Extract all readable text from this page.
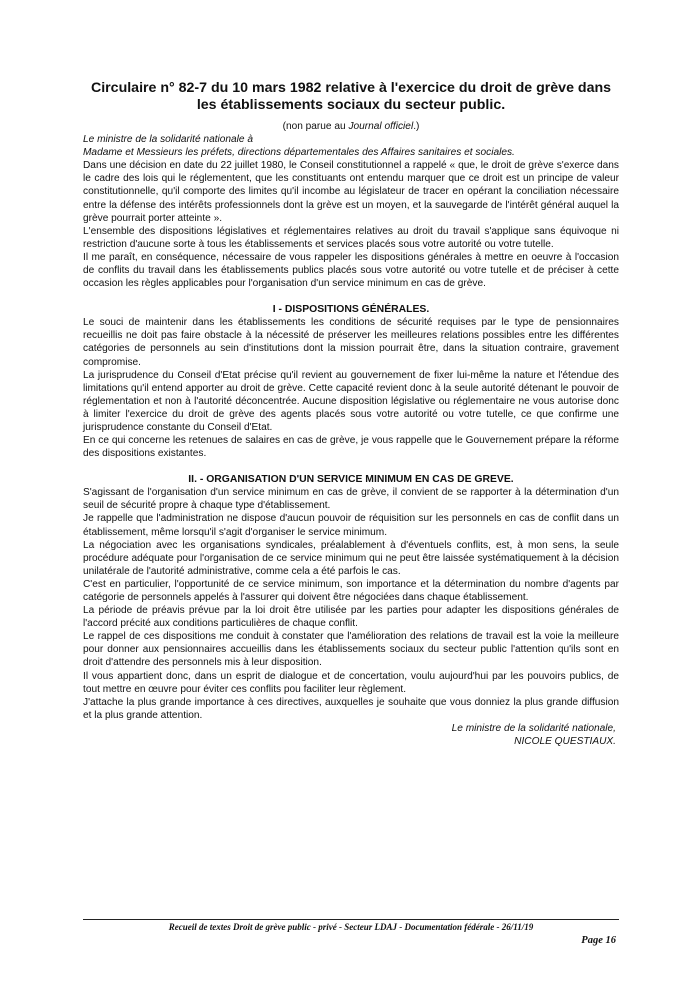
Circulaire n° 82-7 du 10 mars 1982 relative à l'exercice du droit de grève dans
les établissements sociaux du secteur public.
(non parue au Journal officiel.)

Le ministre de la solidarité nationale à

Madame et Messieurs les préfets, directions départementales des Affaires sanitaires et sociales.

Dans une décision en date du 22 juillet 1980, le Conseil constitutionnel a rappelé « que, le droit de grève s'exerce dans le cadre des lois qui le réglementent, que les constituants ont entendu marquer que ce droit est un principe de valeur constitutionnelle, qu'il comporte des limites qu'il incombe au législateur de tracer en opérant la conciliation nécessaire entre la défense des intérêts professionnels dont la grève est un moyen, et la sauvegarde de l'intérêt général auquel la grève pourrait porter atteinte ».

L'ensemble des dispositions législatives et réglementaires relatives au droit du travail s'applique sans équivoque ni restriction d'aucune sorte à tous les établissements et services placés sous votre autorité ou votre tutelle.

Il me paraît, en conséquence, nécessaire de vous rappeler les dispositions générales à mettre en oeuvre à l'occasion de conflits du travail dans les établissements publics placés sous votre autorité ou votre tutelle et de préciser à cette occasion les règles applicables pour l'organisation d'un service minimum en cas de grève.

I - DISPOSITIONS GÉNÉRALES.

Le souci de maintenir dans les établissements les conditions de sécurité requises par le type de pensionnaires recueillis ne doit pas faire obstacle à la nécessité de préserver les meilleures relations possibles entre les différentes catégories de personnels au sein d'institutions dont la mission pourrait être, dans la situation contraire, gravement compromise.

La jurisprudence du Conseil d'Etat précise qu'il revient au gouvernement de fixer lui-même la nature et l'étendue des limitations qu'il entend apporter au droit de grève. Cette capacité revient donc à la seule autorité détenant le pouvoir de réglementation et non à l'autorité déconcentrée. Aucune disposition législative ou réglementaire ne vous autorise donc à limiter l'exercice du droit de grève des agents placés sous votre autorité ou votre tutelle, ce que confirme une jurisprudence constante du Conseil d'Etat.

En ce qui concerne les retenues de salaires en cas de grève, je vous rappelle que le Gouvernement prépare la réforme des dispositions existantes.

II. - ORGANISATION D'UN SERVICE MINIMUM EN CAS DE GREVE.

S'agissant de l'organisation d'un service minimum en cas de grève, il convient de se rapporter à la détermination d'un seuil de sécurité propre à chaque type d'établissement.

Je rappelle que l'administration ne dispose d'aucun pouvoir de réquisition sur les personnels en cas de conflit dans un établissement, même lorsqu'il s'agit d'organiser le service minimum.

La négociation avec les organisations syndicales, préalablement à d'éventuels conflits, est, à mon sens, la seule procédure adéquate pour l'organisation de ce service minimum qui ne peut être laissée systématiquement à la décision unilatérale de l'autorité administrative, comme cela a été parfois le cas.

C'est en particulier, l'opportunité de ce service minimum, son importance et la détermination du nombre d'agents par catégorie de personnels appelés à l'assurer qui doivent être négociées dans chaque établissement.

La période de préavis prévue par la loi droit être utilisée par les parties pour adapter les dispositions générales de l'accord précité aux conditions particulières de chaque conflit.

Le rappel de ces dispositions me conduit à constater que l'amélioration des relations de travail est la voie la meilleure pour donner aux pensionnaires accueillis dans les établissements sociaux du secteur public l'attention qu'ils sont en droit d'attendre des personnels mis à leur disposition.

Il vous appartient donc, dans un esprit de dialogue et de concertation, voulu aujourd'hui par les pouvoirs publics, de tout mettre en œuvre pour éviter ces conflits pou faciliter leur règlement.

J'attache la plus grande importance à ces directives, auxquelles je souhaite que vous donniez la plus grande diffusion et la plus grande attention.

Le ministre de la solidarité nationale,
NICOLE QUESTIAUX.
Recueil de textes Droit de grève public - privé - Secteur LDAJ - Documentation fédérale - 26/11/19
Page 16
